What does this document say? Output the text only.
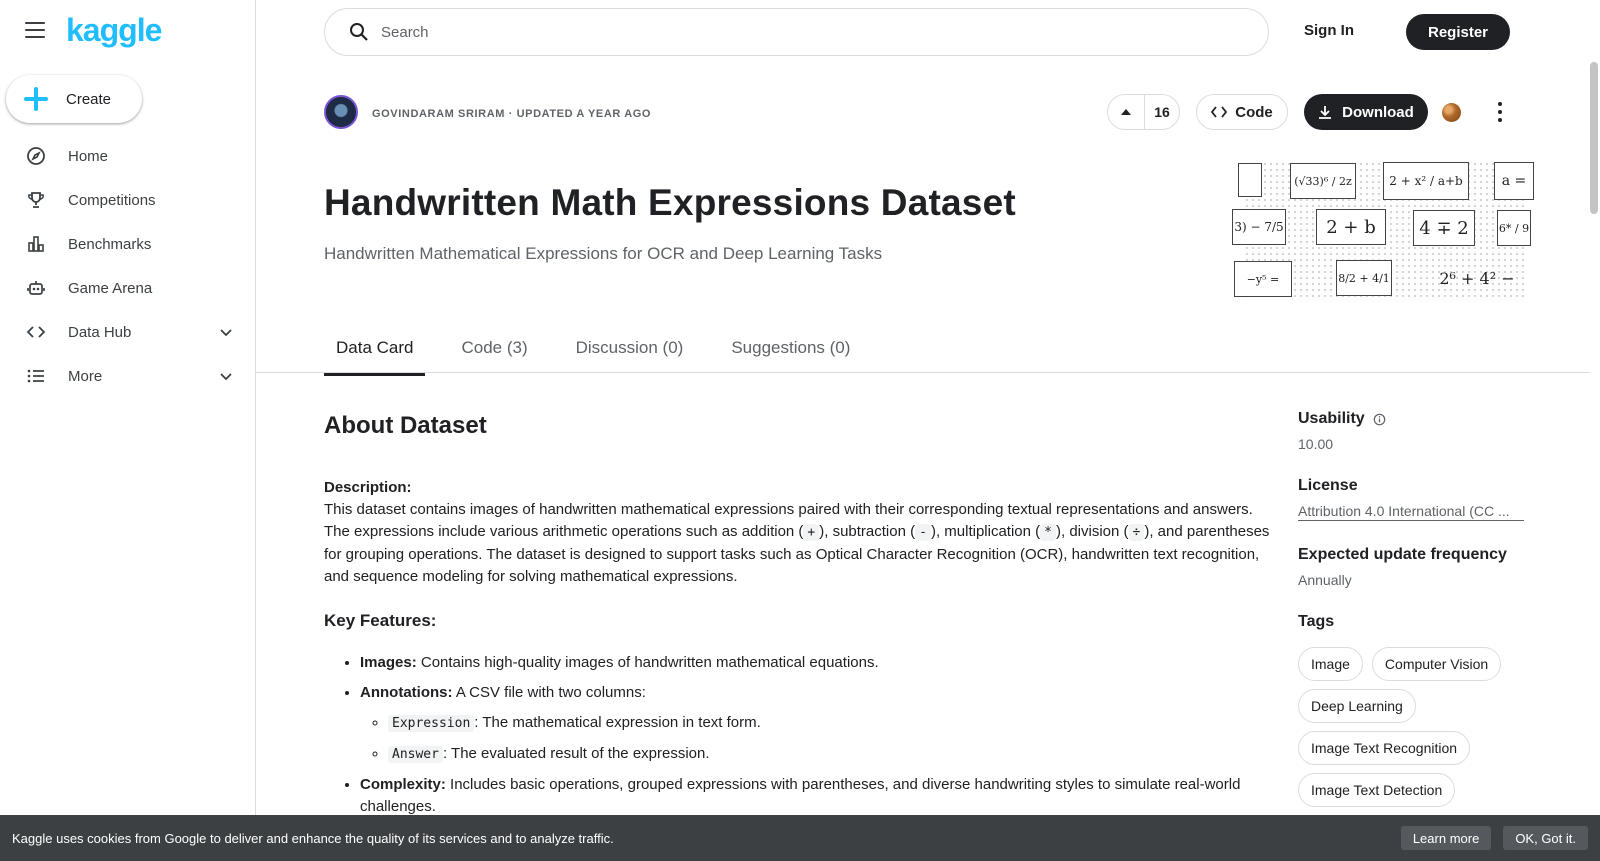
kaggle
Create
Home
Competitions
Benchmarks
Game Arena
Data Hub
More
Search
Sign In	Register
GOVINDARAM SRIRAM · UPDATED A YEAR AGO	16	Code	Download
Handwritten Math Expressions Dataset
Handwritten Mathematical Expressions for OCR and Deep Learning Tasks
(√33)⁶ / 2z	2 + x² / a+b	a =
3) − 7/5	2 + b	4 ∓ 2	6* / 9
−y⁵ =	8/2 + 4/1	2⁶ + 4² −
Data Card	Code (3)	Discussion (0)	Suggestions (0)
About Dataset
Description:
This dataset contains images of handwritten mathematical expressions paired with their corresponding textual representations and answers. The expressions include various arithmetic operations such as addition ( + ), subtraction ( - ), multiplication ( * ), division ( ÷ ), and parentheses for grouping operations. The dataset is designed to support tasks such as Optical Character Recognition (OCR), handwritten text recognition, and sequence modeling for solving mathematical expressions.
Key Features:
• Images: Contains high-quality images of handwritten mathematical equations.
• Annotations: A CSV file with two columns:
◦ Expression : The mathematical expression in text form.
◦ Answer : The evaluated result of the expression.
• Complexity: Includes basic operations, grouped expressions with parentheses, and diverse handwriting styles to simulate real-world challenges.
Usability
10.00
License
Attribution 4.0 International (CC ...
Expected update frequency
Annually
Tags
Image	Computer Vision
Deep Learning
Image Text Recognition
Image Text Detection
Kaggle uses cookies from Google to deliver and enhance the quality of its services and to analyze traffic.	Learn more	OK, Got it.
